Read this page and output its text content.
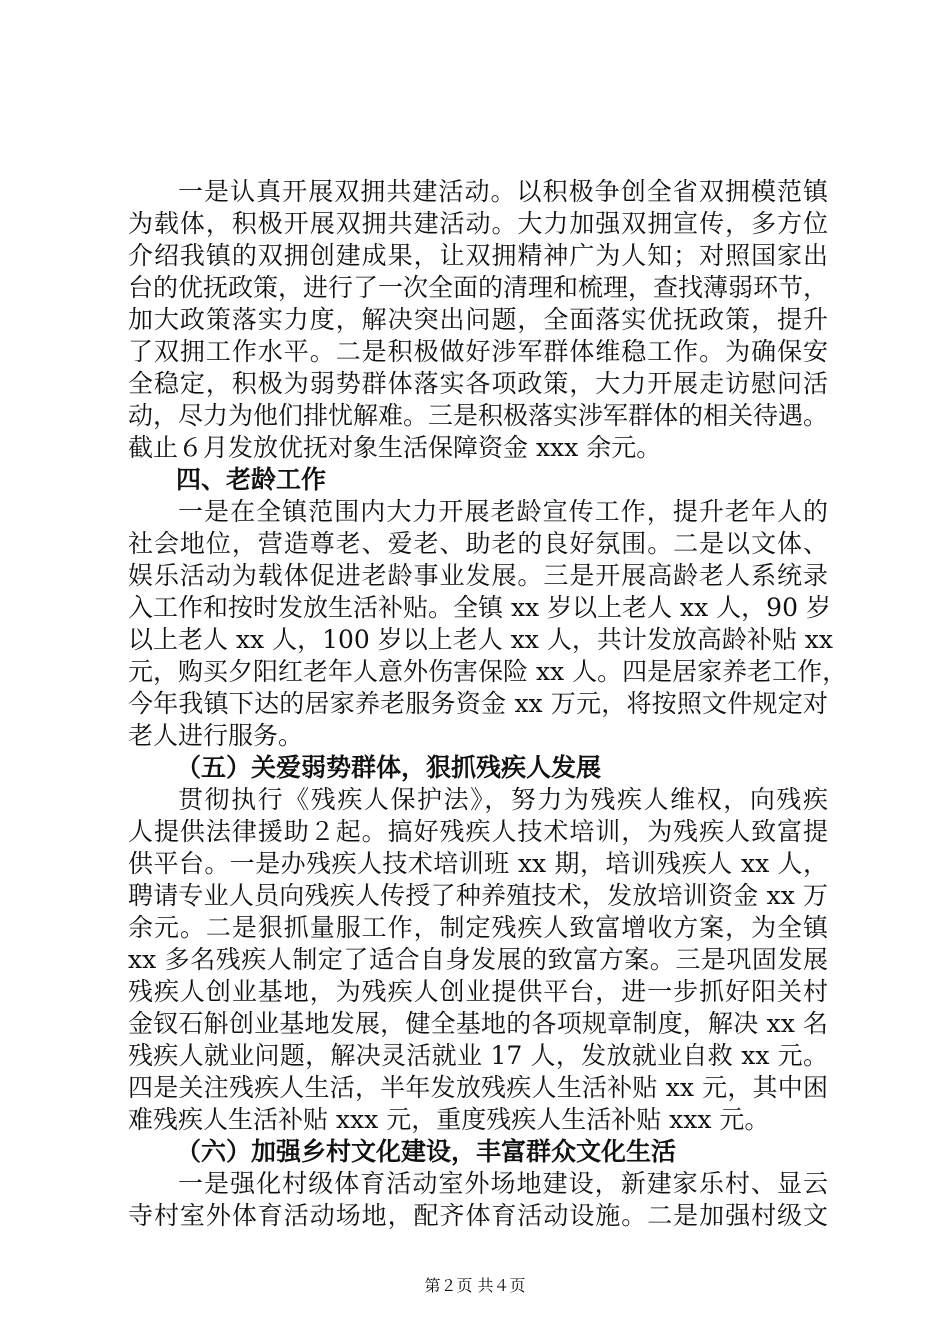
一是认真开展双拥共建活动。以积极争创全省双拥模范镇
为载体，积极开展双拥共建活动。大力加强双拥宣传，多方位
介绍我镇的双拥创建成果，让双拥精神广为人知；对照国家出
台的优抚政策，进行了一次全面的清理和梳理，查找薄弱环节，
加大政策落实力度，解决突出问题，全面落实优抚政策，提升
了双拥工作水平。二是积极做好涉军群体维稳工作。为确保安
全稳定，积极为弱势群体落实各项政策，大力开展走访慰问活
动，尽力为他们排忧解难。三是积极落实涉军群体的相关待遇。
截止６月发放优抚对象生活保障资金 xxx 余元。
四、老龄工作
一是在全镇范围内大力开展老龄宣传工作，提升老年人的
社会地位，营造尊老、爱老、助老的良好氛围。二是以文体、
娱乐活动为载体促进老龄事业发展。三是开展高龄老人系统录
入工作和按时发放生活补贴。全镇 xx 岁以上老人 xx 人，90 岁
以上老人 xx 人，100 岁以上老人 xx 人，共计发放高龄补贴 xx
元，购买夕阳红老年人意外伤害保险 xx 人。四是居家养老工作，
今年我镇下达的居家养老服务资金 xx 万元，将按照文件规定对
老人进行服务。
（五）关爱弱势群体，狠抓残疾人发展
贯彻执行《残疾人保护法》，努力为残疾人维权，向残疾
人提供法律援助２起。搞好残疾人技术培训，为残疾人致富提
供平台。一是办残疾人技术培训班 xx 期，培训残疾人 xx 人，
聘请专业人员向残疾人传授了种养殖技术，发放培训资金 xx 万
余元。二是狠抓量服工作，制定残疾人致富增收方案，为全镇
xx 多名残疾人制定了适合自身发展的致富方案。三是巩固发展
残疾人创业基地，为残疾人创业提供平台，进一步抓好阳关村
金钗石斛创业基地发展，健全基地的各项规章制度，解决 xx 名
残疾人就业问题，解决灵活就业 17 人，发放就业自救 xx 元。
四是关注残疾人生活，半年发放残疾人生活补贴 xx 元，其中困
难残疾人生活补贴 xxx 元，重度残疾人生活补贴 xxx 元。
（六）加强乡村文化建设，丰富群众文化生活
一是强化村级体育活动室外场地建设，新建家乐村、显云
寺村室外体育活动场地，配齐体育活动设施。二是加强村级文
第２页 共４页
